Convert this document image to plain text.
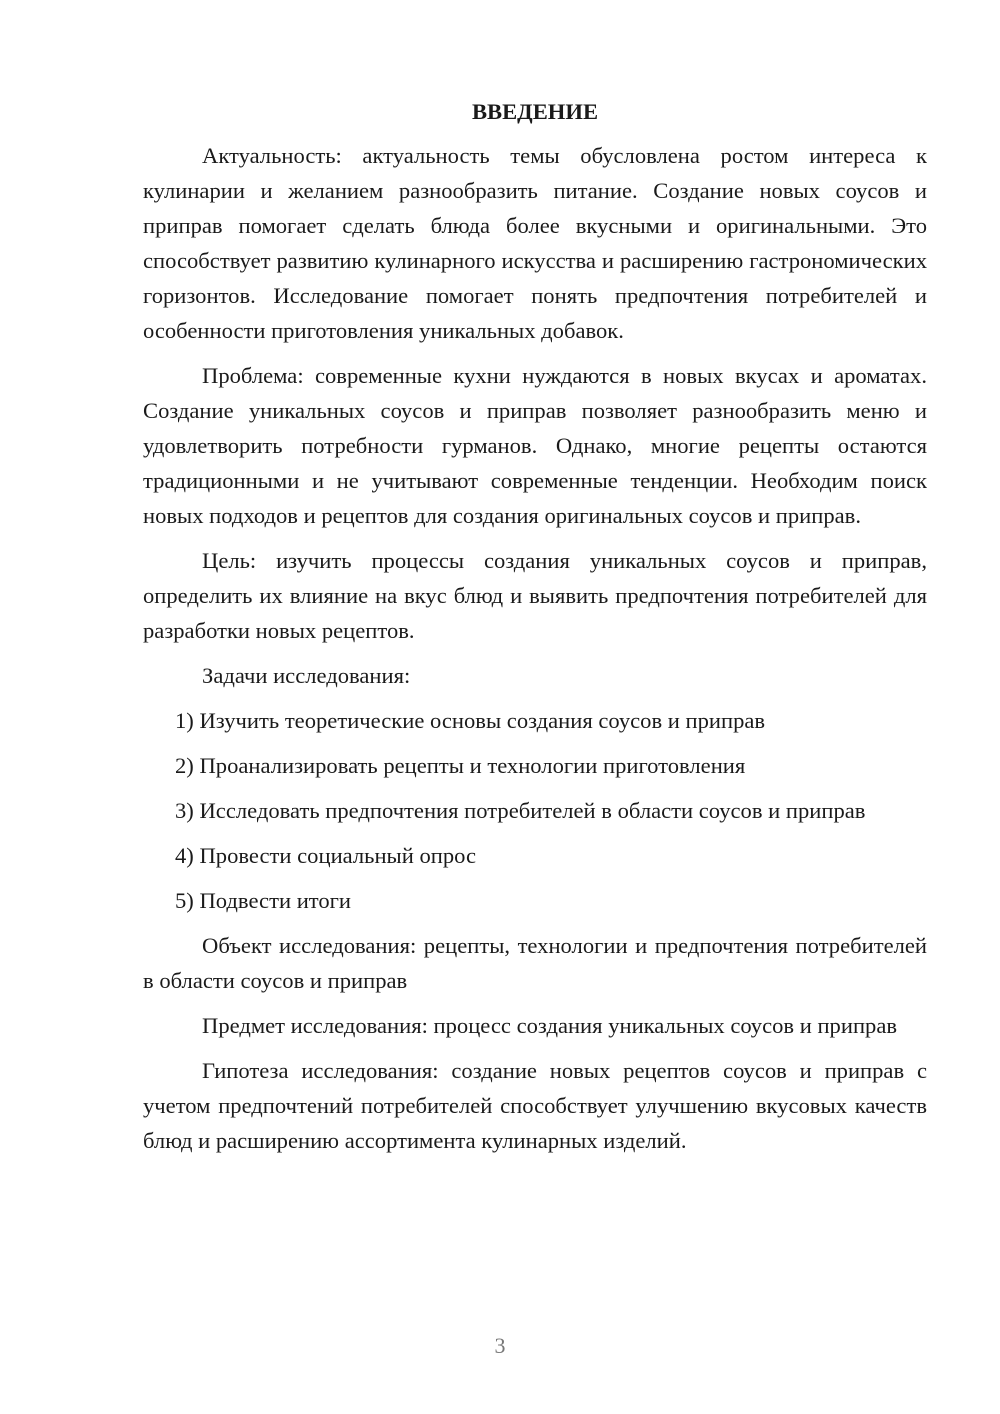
ВВЕДЕНИЕ

Актуальность: актуальность темы обусловлена ростом интереса к кулинарии и желанием разнообразить питание. Создание новых соусов и приправ помогает сделать блюда более вкусными и оригинальными. Это способствует развитию кулинарного искусства и расширению гастрономических горизонтов. Исследование помогает понять предпочтения потребителей и особенности приготовления уникальных добавок.

Проблема: современные кухни нуждаются в новых вкусах и ароматах. Создание уникальных соусов и приправ позволяет разнообразить меню и удовлетворить потребности гурманов. Однако, многие рецепты остаются традиционными и не учитывают современные тенденции. Необходим поиск новых подходов и рецептов для создания оригинальных соусов и приправ.

Цель: изучить процессы создания уникальных соусов и приправ, определить их влияние на вкус блюд и выявить предпочтения потребителей для разработки новых рецептов.

Задачи исследования:

1) Изучить теоретические основы создания соусов и приправ

2) Проанализировать рецепты и технологии приготовления

3) Исследовать предпочтения потребителей в области соусов и приправ

4) Провести социальный опрос

5) Подвести итоги

Объект исследования: рецепты, технологии и предпочтения потребителей в области соусов и приправ

Предмет исследования: процесс создания уникальных соусов и приправ

Гипотеза исследования: создание новых рецептов соусов и приправ с учетом предпочтений потребителей способствует улучшению вкусовых качеств блюд и расширению ассортимента кулинарных изделий.

3
